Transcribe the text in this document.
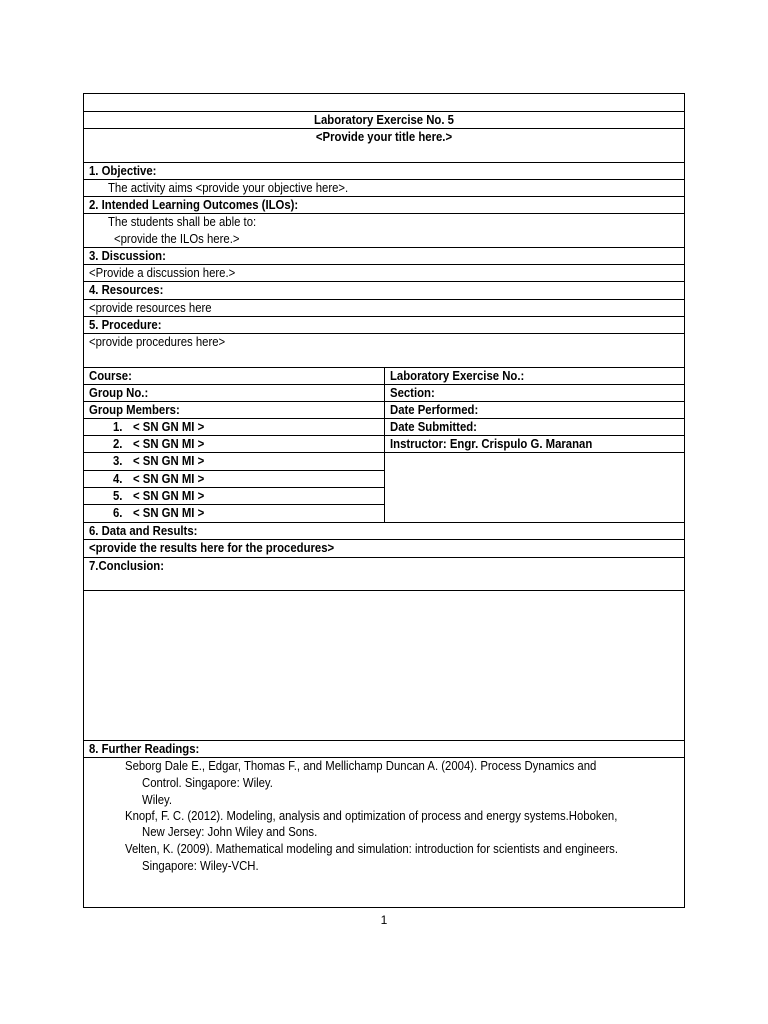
Laboratory Exercise No. 5
<Provide your title here.>
1. Objective:
The activity aims <provide your objective here>.
2. Intended Learning Outcomes (ILOs):
The students shall be able to:
<provide the ILOs here.>
3. Discussion:
<Provide a discussion here.>
4. Resources:
<provide resources here
5. Procedure:
<provide procedures here>
Course:
Group No.:
Group Members:
1. < SN GN MI >
2. < SN GN MI >
3. < SN GN MI >
4. < SN GN MI >
5. < SN GN MI >
6. < SN GN MI >
Laboratory Exercise No.:
Section:
Date Performed:
Date Submitted:
Instructor: Engr. Crispulo G. Maranan
6. Data and Results:
<provide the results here for the procedures>
7.Conclusion:
8. Further Readings:
Seborg Dale E., Edgar, Thomas F., and Mellichamp Duncan A. (2004). Process Dynamics and
Control. Singapore: Wiley.
Wiley.
Knopf, F. C. (2012). Modeling, analysis and optimization of process and energy systems.Hoboken,
New Jersey: John Wiley and Sons.
Velten, K. (2009). Mathematical modeling and simulation: introduction for scientists and engineers.
Singapore: Wiley-VCH.
1
